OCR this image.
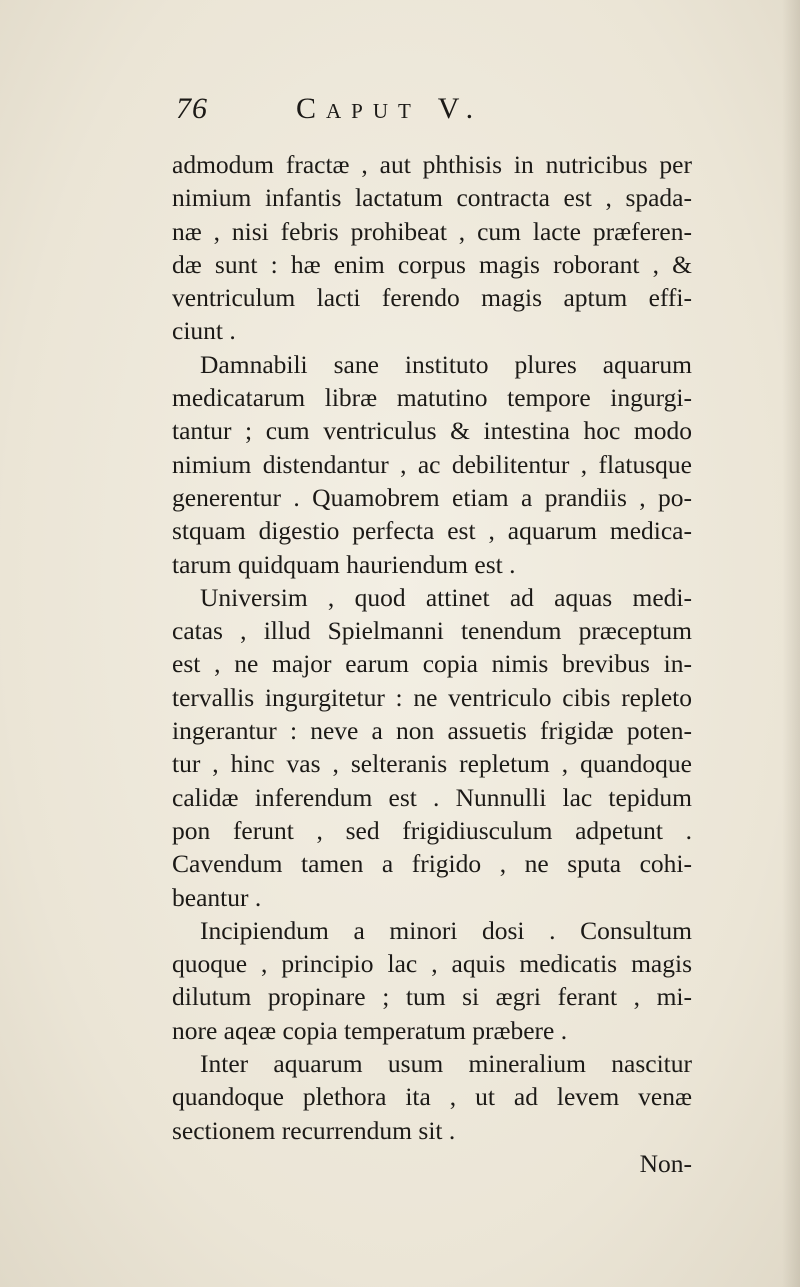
76	Caput V.
admodum fractæ , aut phthisis in nutricibus per
nimium infantis lactatum contracta est , spada-
næ , nisi febris prohibeat , cum lacte præferen-
dæ sunt : hæ enim corpus magis roborant , &
ventriculum lacti ferendo magis aptum effi-
ciunt .
Damnabili sane instituto plures aquarum
medicatarum libræ matutino tempore ingurgi-
tantur ; cum ventriculus & intestina hoc modo
nimium distendantur , ac debilitentur , flatusque
generentur . Quamobrem etiam a prandiis , po-
stquam digestio perfecta est , aquarum medica-
tarum quidquam hauriendum est .
Universim , quod attinet ad aquas medi-
catas , illud Spielmanni tenendum præceptum
est , ne major earum copia nimis brevibus in-
tervallis ingurgitetur : ne ventriculo cibis repleto
ingerantur : neve a non assuetis frigidæ poten-
tur , hinc vas , selteranis repletum , quandoque
calidæ inferendum est . Nunnulli lac tepidum
pon ferunt , sed frigidiusculum adpetunt .
Cavendum tamen a frigido , ne sputa cohi-
beantur .
Incipiendum a minori dosi . Consultum
quoque , principio lac , aquis medicatis magis
dilutum propinare ; tum si ægri ferant , mi-
nore aqeæ copia temperatum præbere .
Inter aquarum usum mineralium nascitur
quandoque plethora ita , ut ad levem venæ
sectionem recurrendum sit .
Non-
